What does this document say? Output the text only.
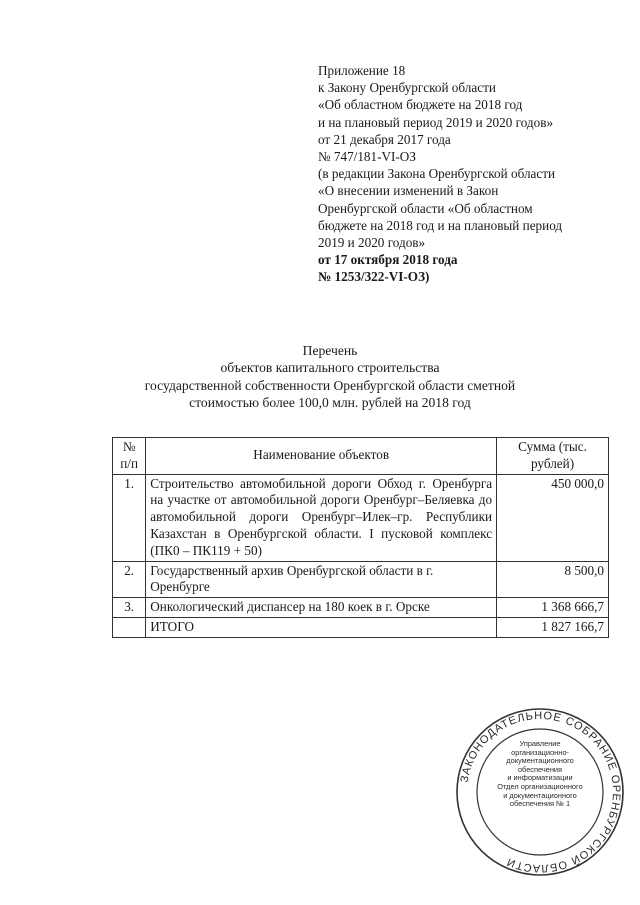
Приложение 18
к Закону Оренбургской области
«Об областном бюджете на 2018 год
и на плановый период 2019 и 2020 годов»
от 21 декабря 2017 года
№ 747/181-VI-ОЗ
(в редакции Закона Оренбургской области
«О внесении изменений в Закон
Оренбургской области «Об областном
бюджете на 2018 год и на плановый период
2019 и 2020 годов»
от 17 октября 2018 года
№ 1253/322-VI-ОЗ)
Перечень
объектов капитального строительства
государственной собственности Оренбургской области сметной
стоимостью более 100,0 млн. рублей на 2018 год
№ п/п	Наименование объектов	Сумма (тыс. рублей)
1.	Строительство автомобильной дороги Обход г. Оренбурга на участке от автомобильной дороги Оренбург–Беляевка до автомобильной дороги Оренбург–Илек–гр. Республики Казахстан в Оренбургской области. I пусковой комплекс (ПК0 – ПК119 + 50)	450 000,0
2.	Государственный архив Оренбургской области в г. Оренбурге	8 500,0
3.	Онкологический диспансер на 180 коек в г. Орске	1 368 666,7
	ИТОГО	1 827 166,7
ЗАКОНОДАТЕЛЬНОЕ СОБРАНИЕ ОРЕНБУРГСКОЙ ОБЛАСТИ
Управление
организационно-
документационного
обеспечения
и информатизации
Отдел организационного
и документационного
обеспечения № 1
